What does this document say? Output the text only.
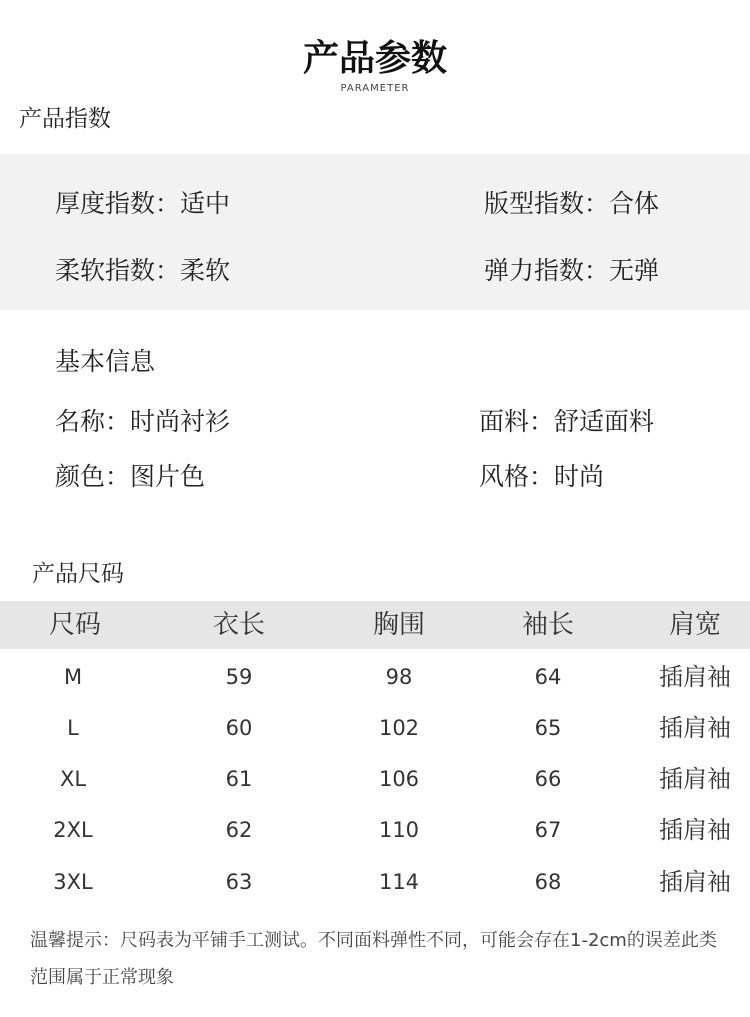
产品参数
PARAMETER
产品指数
厚度指数：适中	版型指数：合体
柔软指数：柔软	弹力指数：无弹
基本信息
名称：时尚衬衫	面料：舒适面料
颜色：图片色	风格：时尚
产品尺码
尺码	衣长	胸围	袖长	肩宽
M	59	98	64	插肩袖
L	60	102	65	插肩袖
XL	61	106	66	插肩袖
2XL	62	110	67	插肩袖
3XL	63	114	68	插肩袖
温馨提示：尺码表为平铺手工测试。不同面料弹性不同，可能会存在1-2cm的误差此类范围属于正常现象
